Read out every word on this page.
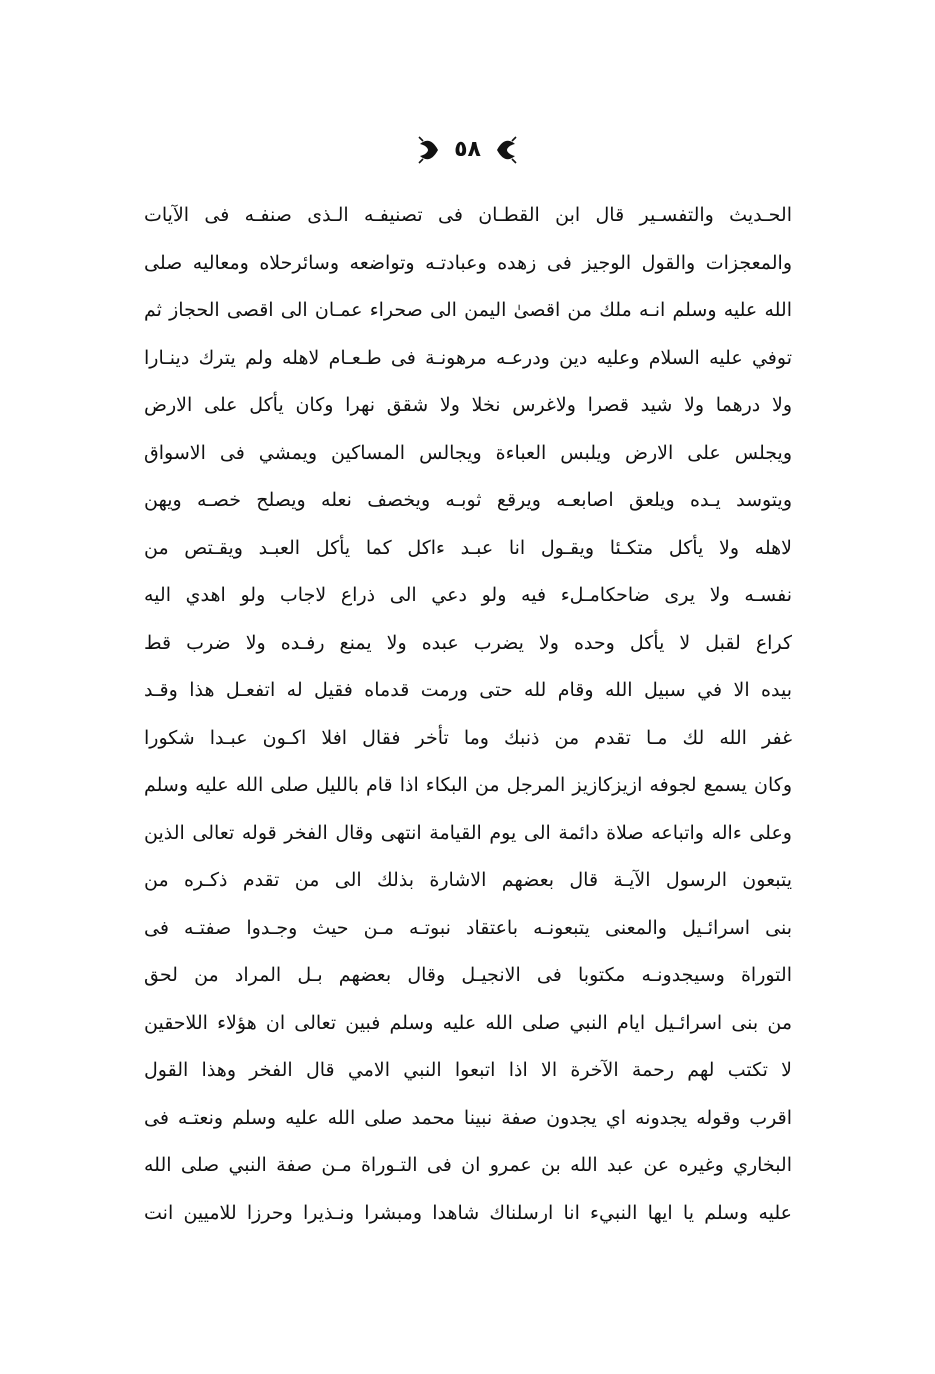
٥٨
الحـديث والتفسـير قال ابن القطـان فى تصنيفـه الـذى صنفـه فى الآيات
والمعجزات والقول الوجيز فى زهده وعبادتـه وتواضعه وسائرحلاه ومعاليه صلى
الله عليه وسلم انـه ملك من اقصىٰ اليمن الى صحراء عمـان الى اقصى الحجاز ثم
توفي عليه السلام وعليه دين ودرعـه مرهونـة فى طـعـام لاهله ولم يترك دينـارا
ولا درهما ولا شيد قصرا ولاغرس نخلا ولا شقق نهرا وكان يأكل على الارض
ويجلس على الارض ويلبس العباءة ويجالس المساكين ويمشي فى الاسواق
ويتوسد يـده ويلعق اصابعـه ويرقع ثوبـه ويخصف نعله ويصلح خصـه ويهن
لاهله ولا يأكل متكـئا ويقـول انا عبـد ءاكل كما يأكل العبـد ويقـتص من
نفسـه ولا يرى ضاحكامـلء فيه ولو دعي الى ذراع لاجاب ولو اهدي اليه
كراع لقبل لا يأكل وحده ولا يضرب عبده ولا يمنع رفـده ولا ضرب قط
بيده الا في سبيل الله وقام لله حتى ورمت قدماه فقيل له اتفعـل هذا وقـد
غفر الله لك مـا تقدم من ذنبك وما تأخر فقال افلا اكـون عبـدا شكورا
وكان يسمع لجوفه ازيزكازيز المرجل من البكاء اذا قام بالليل صلى الله عليه وسلم
وعلى ءاله واتباعه صلاة دائمة الى يوم القيامة انتهى وقال الفخر قوله تعالى الذين
يتبعون الرسول الآيـة قال بعضهم الاشارة بذلك الى من تقدم ذكـره من
بنى اسرائـيل والمعنى يتبعونـه باعتقاد نبوتـه مـن حيث وجـدوا صفتـه فى
التوراة وسيجدونـه مكتوبا فى الانجيـل وقال بعضهم بـل المراد من لحق
من بنى اسرائـيل ايام النبي صلى الله عليه وسلم فبين تعالى ان هؤلاء اللاحقين
لا تكتب لهم رحمة الآخرة الا اذا اتبعوا النبي الامي قال الفخر وهذا القول
اقرب وقوله يجدونه اي يجدون صفة نبينا محمد صلى الله عليه وسلم ونعتـه فى
البخاري وغيره عن عبد الله بن عمرو ان فى التـوراة مـن صفة النبي صلى الله
عليه وسلم يا ايها النبيء انا ارسلناك شاهدا ومبشرا ونـذيرا وحرزا للاميين انت
